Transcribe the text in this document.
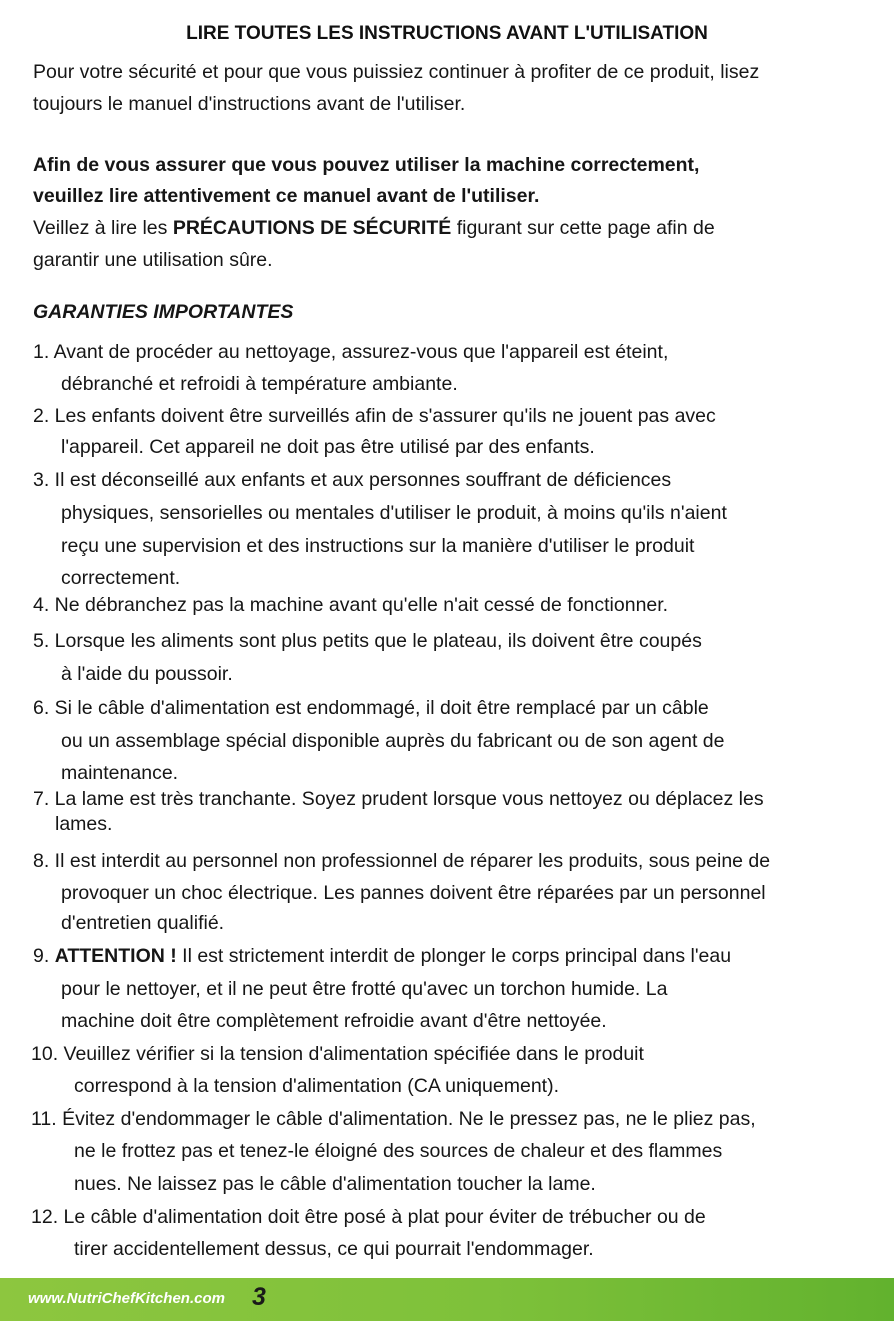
LIRE TOUTES LES INSTRUCTIONS AVANT L'UTILISATION
Pour votre sécurité et pour que vous puissiez continuer à profiter de ce produit, lisez
toujours le manuel d'instructions avant de l'utiliser.
Afin de vous assurer que vous pouvez utiliser la machine correctement,
veuillez lire attentivement ce manuel avant de l'utiliser.
Veillez à lire les PRÉCAUTIONS DE SÉCURITÉ figurant sur cette page afin de
garantir une utilisation sûre.
GARANTIES IMPORTANTES
1. Avant de procéder au nettoyage, assurez-vous que l'appareil est éteint,
débranché et refroidi à température ambiante.
2. Les enfants doivent être surveillés afin de s'assurer qu'ils ne jouent pas avec
l'appareil. Cet appareil ne doit pas être utilisé par des enfants.
3. Il est déconseillé aux enfants et aux personnes souffrant de déficiences
physiques, sensorielles ou mentales d'utiliser le produit, à moins qu'ils n'aient
reçu une supervision et des instructions sur la manière d'utiliser le produit
correctement.
4. Ne débranchez pas la machine avant qu'elle n'ait cessé de fonctionner.
5. Lorsque les aliments sont plus petits que le plateau, ils doivent être coupés
à l'aide du poussoir.
6. Si le câble d'alimentation est endommagé, il doit être remplacé par un câble
ou un assemblage spécial disponible auprès du fabricant ou de son agent de
maintenance.
7. La lame est très tranchante. Soyez prudent lorsque vous nettoyez ou déplacez les
lames.
8. Il est interdit au personnel non professionnel de réparer les produits, sous peine de
provoquer un choc électrique. Les pannes doivent être réparées par un personnel
d'entretien qualifié.
9. ATTENTION ! Il est strictement interdit de plonger le corps principal dans l'eau
pour le nettoyer, et il ne peut être frotté qu'avec un torchon humide. La
machine doit être complètement refroidie avant d'être nettoyée.
10. Veuillez vérifier si la tension d'alimentation spécifiée dans le produit
correspond à la tension d'alimentation (CA uniquement).
11. Évitez d'endommager le câble d'alimentation. Ne le pressez pas, ne le pliez pas,
ne le frottez pas et tenez-le éloigné des sources de chaleur et des flammes
nues. Ne laissez pas le câble d'alimentation toucher la lame.
12. Le câble d'alimentation doit être posé à plat pour éviter de trébucher ou de
tirer accidentellement dessus, ce qui pourrait l'endommager.
www.NutriChefKitchen.com 3
